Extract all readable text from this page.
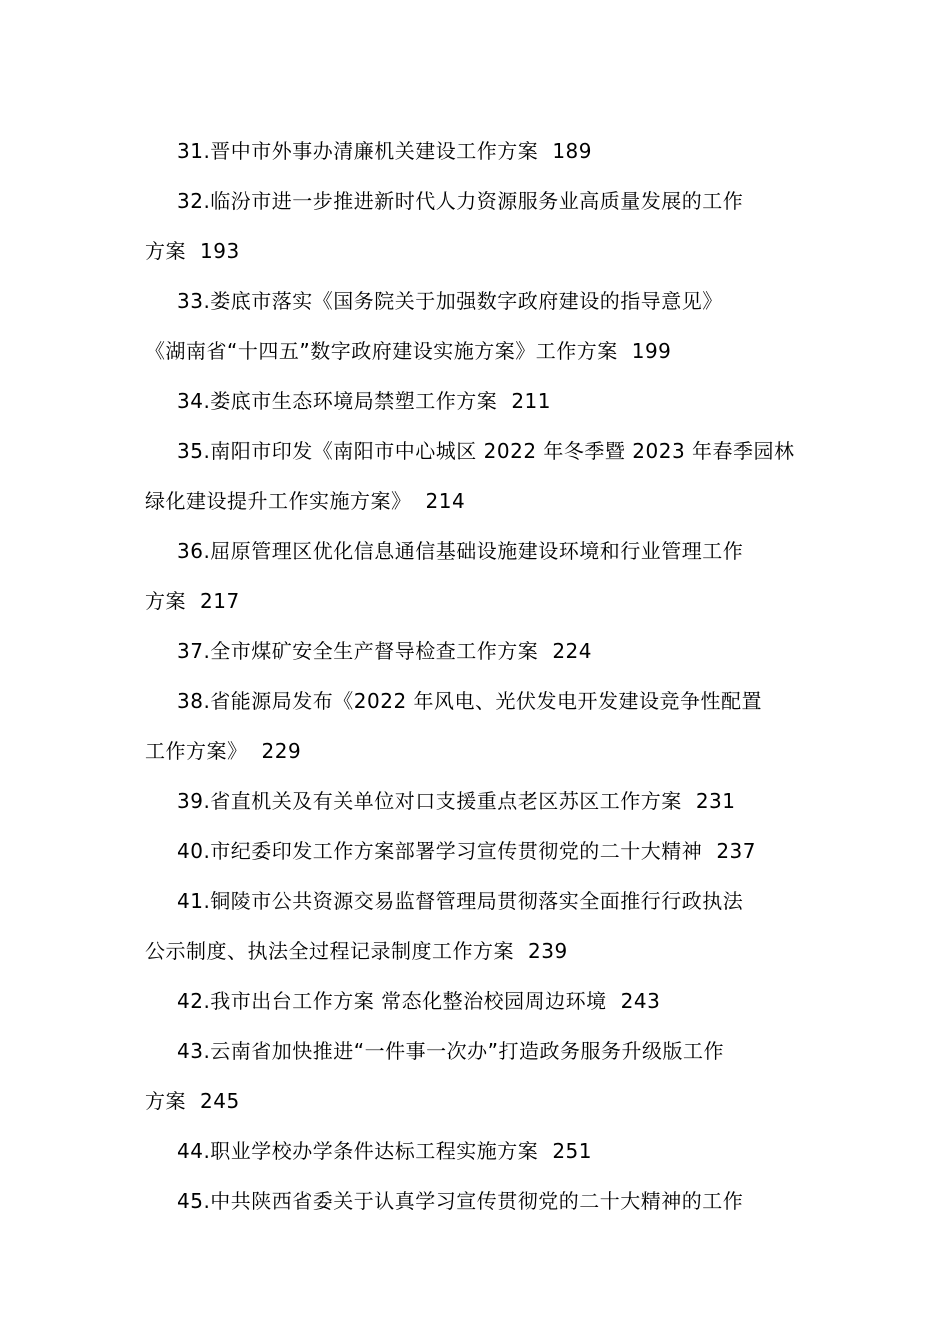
31.晋中市外事办清廉机关建设工作方案 189
32.临汾市进一步推进新时代人力资源服务业高质量发展的工作
方案 193
33.娄底市落实《国务院关于加强数字政府建设的指导意见》
《湖南省“十四五”数字政府建设实施方案》工作方案 199
34.娄底市生态环境局禁塑工作方案 211
35.南阳市印发《南阳市中心城区 2022 年冬季暨 2023 年春季园林
绿化建设提升工作实施方案》 214
36.屈原管理区优化信息通信基础设施建设环境和行业管理工作
方案 217
37.全市煤矿安全生产督导检查工作方案 224
38.省能源局发布《2022 年风电、光伏发电开发建设竞争性配置
工作方案》 229
39.省直机关及有关单位对口支援重点老区苏区工作方案 231
40.市纪委印发工作方案部署学习宣传贯彻党的二十大精神 237
41.铜陵市公共资源交易监督管理局贯彻落实全面推行行政执法
公示制度、执法全过程记录制度工作方案 239
42.我市出台工作方案 常态化整治校园周边环境 243
43.云南省加快推进“一件事一次办”打造政务服务升级版工作
方案 245
44.职业学校办学条件达标工程实施方案 251
45.中共陕西省委关于认真学习宣传贯彻党的二十大精神的工作
